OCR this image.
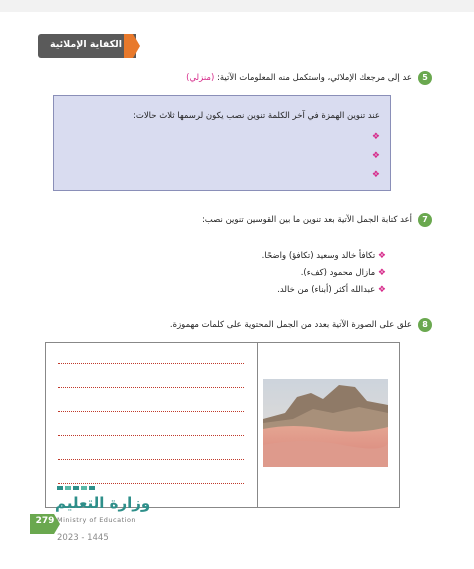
الكفاية الإملائية
5
عد إلى مرجعك الإملائي، واستكمل منه المعلومات الآتية: (منزلي)
عند تنوين الهمزة في آخر الكلمة تنوين نصب يكون لرسمها ثلاث حالات:
❖
❖
❖
7
أعد كتابة الجمل الآتية بعد تنوين ما بين القوسين تنوين نصب:
❖ تكافأ خالد وسعيد (تكافؤ) واضحًا.
❖ مازال محمود (كفء).
❖ عبدالله أكثر (أبناء) من خالد.
8
علق على الصورة الآتية بعدد من الجمل المحتوية على كلمات مهموزة.
وزارة التعليم
Ministry of Education
2023 - 1445
279
